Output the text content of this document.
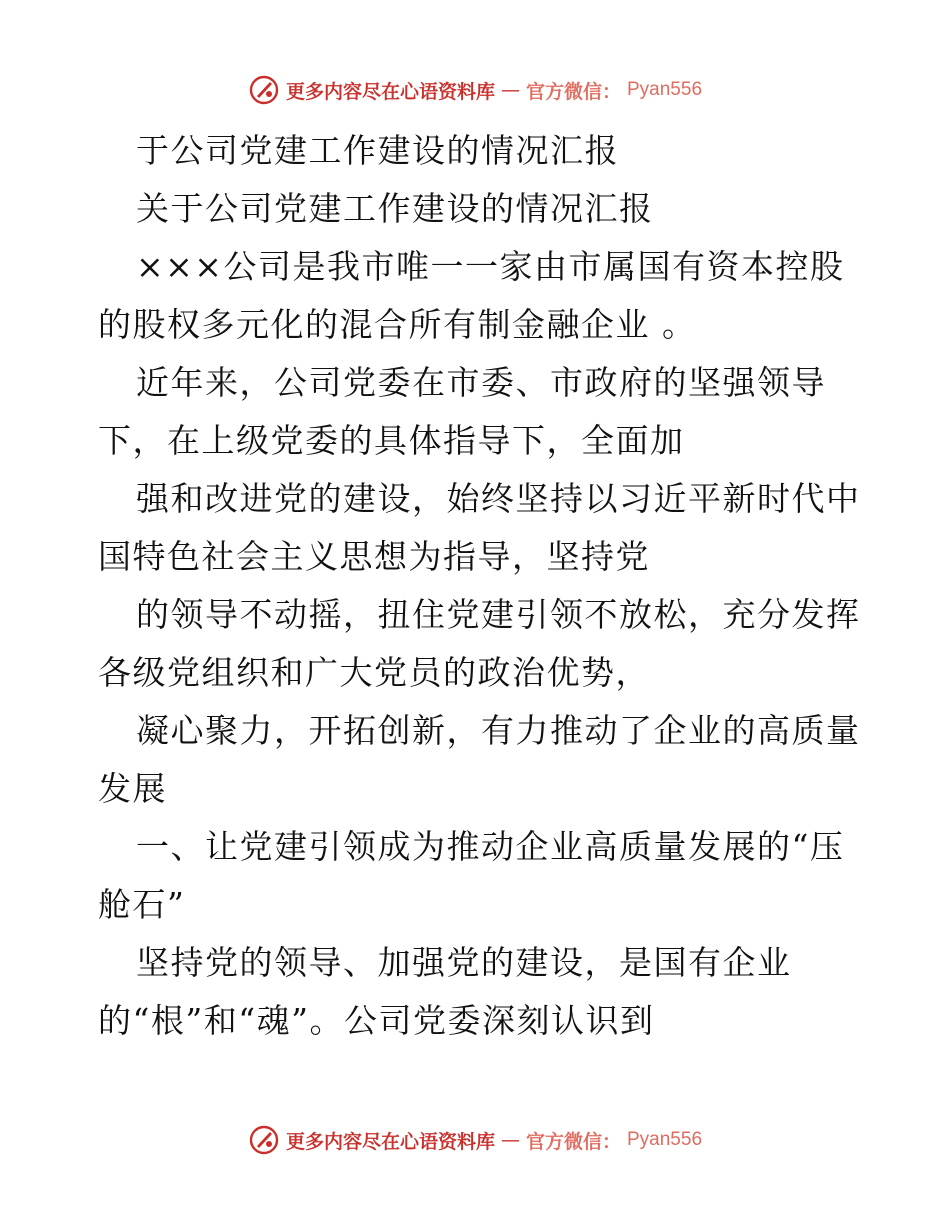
更多内容尽在心语资料库 — 官方微信： Pyan556
于公司党建工作建设的情况汇报
关于公司党建工作建设的情况汇报
×××公司是我市唯一一家由市属国有资本控股
的股权多元化的混合所有制金融企业 。
近年来，公司党委在市委、市政府的坚强领导
下，在上级党委的具体指导下，全面加
强和改进党的建设，始终坚持以习近平新时代中
国特色社会主义思想为指导，坚持党
的领导不动摇，扭住党建引领不放松，充分发挥
各级党组织和广大党员的政治优势，
凝心聚力，开拓创新，有力推动了企业的高质量
发展
一、让党建引领成为推动企业高质量发展的“压
舱石”
坚持党的领导、加强党的建设，是国有企业
的“根”和“魂”。公司党委深刻认识到
更多内容尽在心语资料库 — 官方微信： Pyan556
